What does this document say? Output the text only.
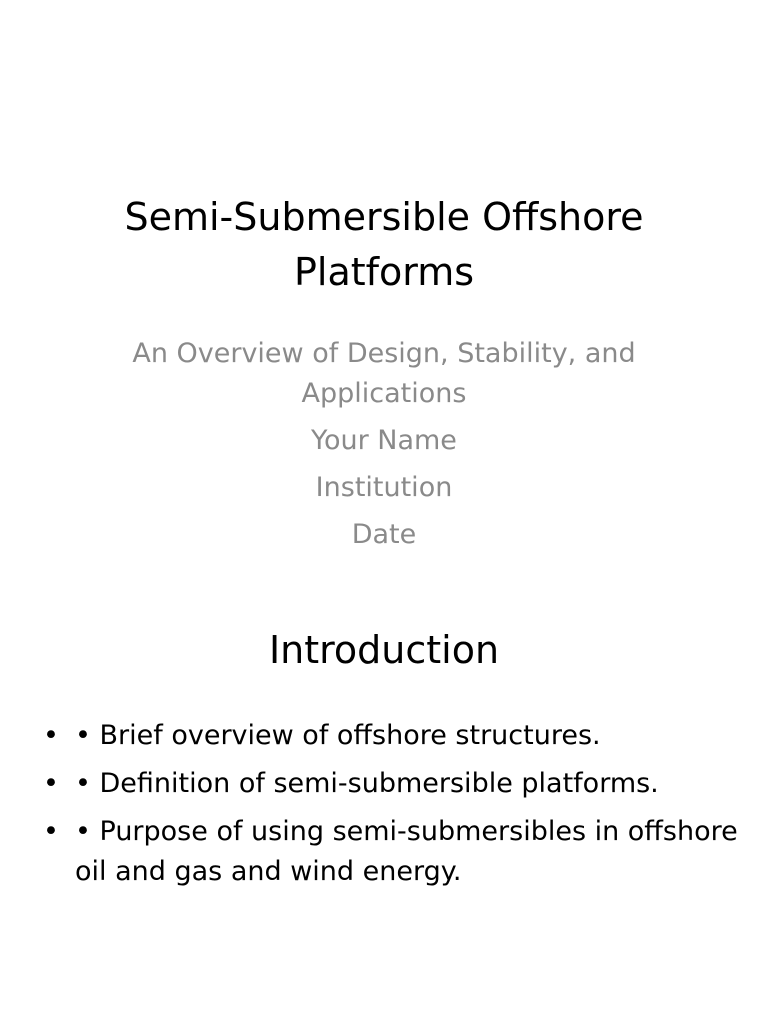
Semi-Submersible Offshore Platforms
An Overview of Design, Stability, and Applications
Your Name
Institution
Date
Introduction
• • Brief overview of offshore structures.
• • Definition of semi-submersible platforms.
• • Purpose of using semi-submersibles in offshore oil and gas and wind energy.
